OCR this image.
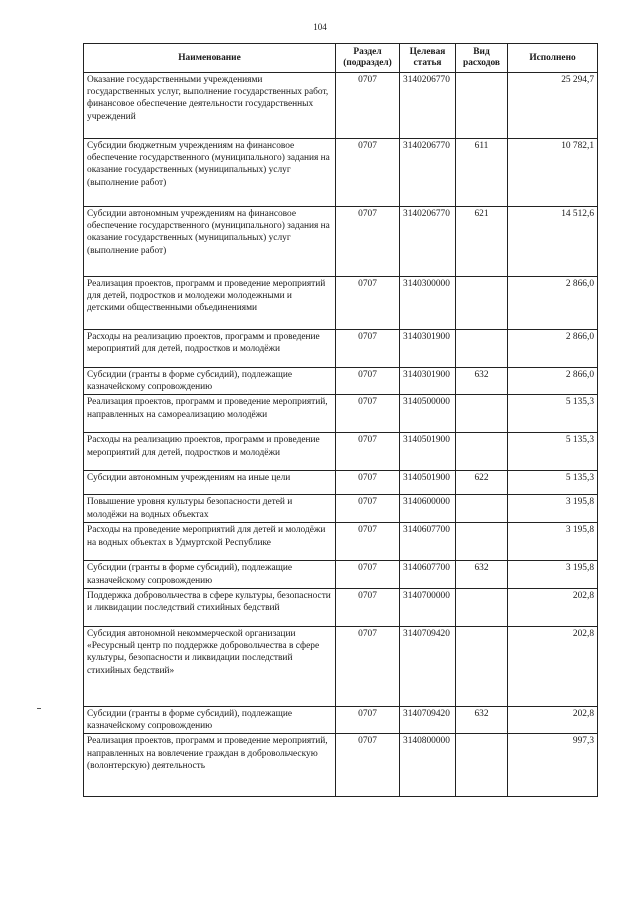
104
Наименование	Раздел (подраздел)	Целевая статья	Вид расходов	Исполнено
Оказание государственными учреждениями государственных услуг, выполнение государственных работ, финансовое обеспечение деятельности государственных учреждений	0707	3140206770		25 294,7
Субсидии бюджетным учреждениям на финансовое обеспечение государственного (муниципального) задания на оказание государственных (муниципальных) услуг (выполнение работ)	0707	3140206770	611	10 782,1
Субсидии автономным учреждениям на финансовое обеспечение государственного (муниципального) задания на оказание государственных (муниципальных) услуг (выполнение работ)	0707	3140206770	621	14 512,6
Реализация проектов, программ и проведение мероприятий для детей, подростков и молодежи молодежными и детскими общественными объединениями	0707	3140300000		2 866,0
Расходы на реализацию проектов, программ и проведение мероприятий для детей, подростков и молодёжи	0707	3140301900		2 866,0
Субсидии (гранты в форме субсидий), подлежащие казначейскому сопровождению	0707	3140301900	632	2 866,0
Реализация проектов, программ и проведение мероприятий, направленных на самореализацию молодёжи	0707	3140500000		5 135,3
Расходы на реализацию проектов, программ и проведение мероприятий для детей, подростков и молодёжи	0707	3140501900		5 135,3
Субсидии автономным учреждениям на иные цели	0707	3140501900	622	5 135,3
Повышение уровня культуры безопасности детей и молодёжи на водных объектах	0707	3140600000		3 195,8
Расходы на проведение мероприятий для детей и молодёжи на водных объектах в Удмуртской Республике	0707	3140607700		3 195,8
Субсидии (гранты в форме субсидий), подлежащие казначейскому сопровождению	0707	3140607700	632	3 195,8
Поддержка добровольчества в сфере культуры, безопасности и ликвидации последствий стихийных бедствий	0707	3140700000		202,8
Субсидия автономной некоммерческой организации «Ресурсный центр по поддержке добровольчества в сфере культуры, безопасности и ликвидации последствий стихийных бедствий»	0707	3140709420		202,8
Субсидии (гранты в форме субсидий), подлежащие казначейскому сопровождению	0707	3140709420	632	202,8
Реализация проектов, программ и проведение мероприятий, направленных на вовлечение граждан в добровольческую (волонтерскую) деятельность	0707	3140800000		997,3
